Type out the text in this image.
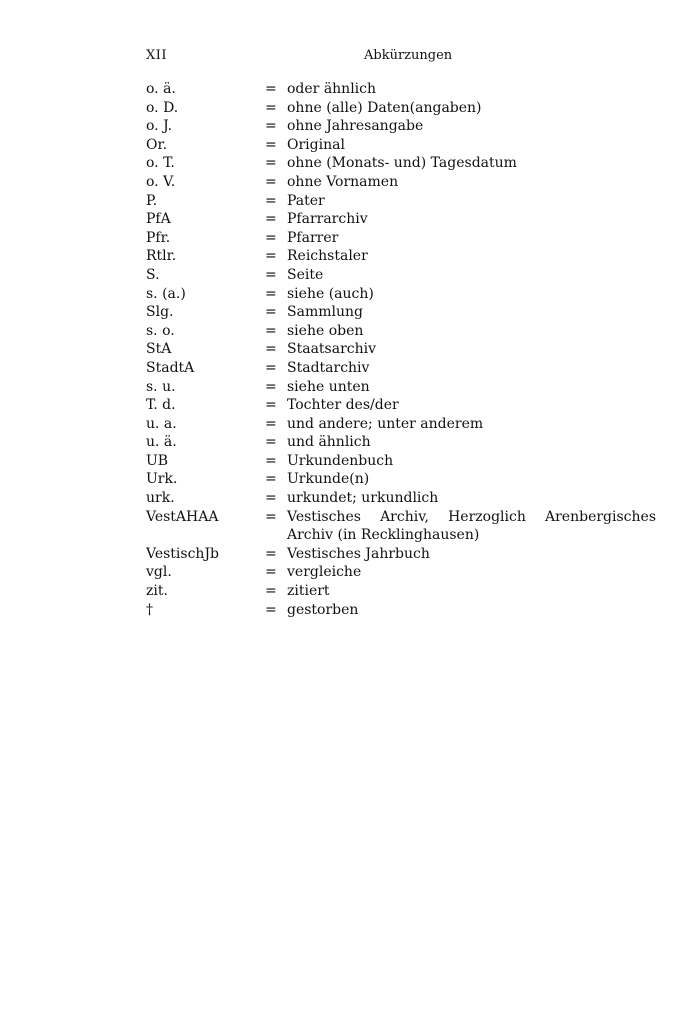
XII	Abkürzungen
o. ä.	= oder ähnlich
o. D.	= ohne (alle) Daten(angaben)
o. J.	= ohne Jahresangabe
Or.	= Original
o. T.	= ohne (Monats- und) Tagesdatum
o. V.	= ohne Vornamen
P.	= Pater
PfA	= Pfarrarchiv
Pfr.	= Pfarrer
Rtlr.	= Reichstaler
S.	= Seite
s. (a.)	= siehe (auch)
Slg.	= Sammlung
s. o.	= siehe oben
StA	= Staatsarchiv
StadtA	= Stadtarchiv
s. u.	= siehe unten
T. d.	= Tochter des/der
u. a.	= und andere; unter anderem
u. ä.	= und ähnlich
UB	= Urkundenbuch
Urk.	= Urkunde(n)
urk.	= urkundet; urkundlich
VestAHAA	= Vestisches Archiv, Herzoglich Arenbergisches Archiv (in Recklinghausen)
VestischJb	= Vestisches Jahrbuch
vgl.	= vergleiche
zit.	= zitiert
†	= gestorben
